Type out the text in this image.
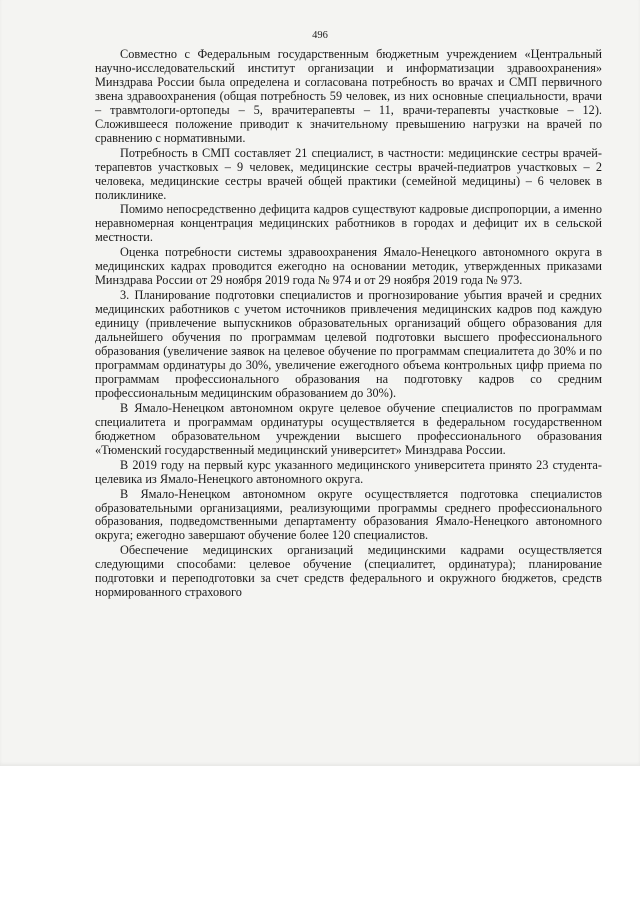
496

Совместно с Федеральным государственным бюджетным учреждением «Центральный научно-исследовательский институт организации и информатизации здравоохранения» Минздрава России была определена и согласована потребность во врачах и СМП первичного звена здравоохранения (общая потребность 59 человек, из них основные специальности, врачи – травмтологи-ортопеды – 5, врачитерапевты – 11, врачи-терапевты участковые – 12). Сложившееся положение приводит к значительному превышению нагрузки на врачей по сравнению с нормативными.

Потребность в СМП составляет 21 специалист, в частности: медицинские сестры врачей-терапевтов участковых – 9 человек, медицинские сестры врачей-педиатров участковых – 2 человека, медицинские сестры врачей общей практики (семейной медицины) – 6 человек в поликлинике.

Помимо непосредственно дефицита кадров существуют кадровые диспропорции, а именно неравномерная концентрация медицинских работников в городах и дефицит их в сельской местности.

Оценка потребности системы здравоохранения Ямало-Ненецкого автономного округа в медицинских кадрах проводится ежегодно на основании методик, утвержденных приказами Минздрава России от 29 ноября 2019 года № 974 и от 29 ноября 2019 года № 973.

3. Планирование подготовки специалистов и прогнозирование убытия врачей и средних медицинских работников с учетом источников привлечения медицинских кадров под каждую единицу (привлечение выпускников образовательных организаций общего образования для дальнейшего обучения по программам целевой подготовки высшего профессионального образования (увеличение заявок на целевое обучение по программам специалитета до 30% и по программам ординатуры до 30%, увеличение ежегодного объема контрольных цифр приема по программам профессионального образования на подготовку кадров со средним профессиональным медицинским образованием до 30%).

В Ямало-Ненецком автономном округе целевое обучение специалистов по программам специалитета и программам ординатуры осуществляется в федеральном государственном бюджетном образовательном учреждении высшего профессионального образования «Тюменский государственный медицинский университет» Минздрава России.

В 2019 году на первый курс указанного медицинского университета принято 23 студента-целевика из Ямало-Ненецкого автономного округа.

В Ямало-Ненецком автономном округе осуществляется подготовка специалистов образовательными организациями, реализующими программы среднего профессионального образования, подведомственными департаменту образования Ямало-Ненецкого автономного округа; ежегодно завершают обучение более 120 специалистов.

Обеспечение медицинских организаций медицинскими кадрами осуществляется следующими способами: целевое обучение (специалитет, ординатура); планирование подготовки и переподготовки за счет средств федерального и окружного бюджетов, средств нормированного страхового
